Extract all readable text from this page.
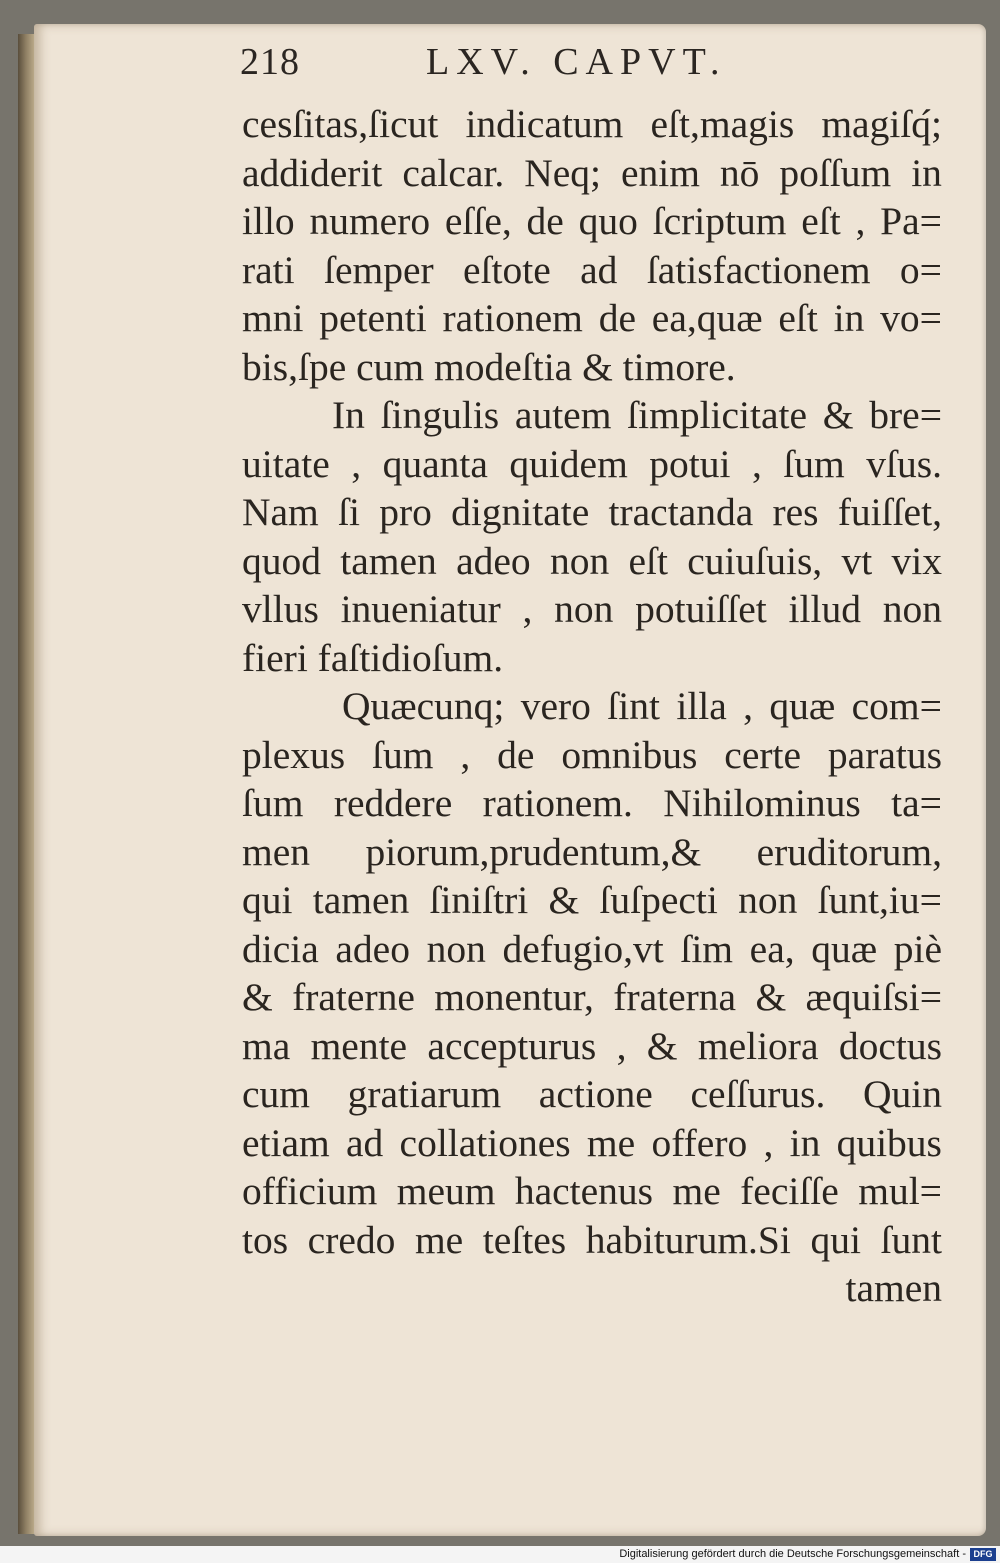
218	LXV. CAPVT.
cesſitas,ſicut indicatum eſt,magis magiſq́;
addiderit calcar. Neq; enim nō poſſum in
illo numero eſſe, de quo ſcriptum eſt , Pa=
rati ſemper eſtote ad ſatisfactionem o=
mni petenti rationem de ea,quæ eſt in vo=
bis,ſpe cum modeſtia & timore.
In ſingulis autem ſimplicitate & bre=
uitate , quanta quidem potui , ſum vſus.
Nam ſi pro dignitate tractanda res fuiſſet,
quod tamen adeo non eſt cuiuſuis, vt vix
vllus inueniatur , non potuiſſet illud non
fieri faſtidioſum.
Quæcunq; vero ſint illa , quæ com=
plexus ſum , de omnibus certe paratus
ſum reddere rationem. Nihilominus ta=
men piorum,prudentum,& eruditorum,
qui tamen ſiniſtri & ſuſpecti non ſunt,iu=
dicia adeo non defugio,vt ſim ea, quæ piè
& fraterne monentur, fraterna & æquiſsi=
ma mente accepturus , & meliora doctus
cum gratiarum actione ceſſurus. Quin
etiam ad collationes me offero , in quibus
officium meum hactenus me feciſſe mul=
tos credo me teſtes habiturum.Si qui ſunt
tamen
Digitalisierung gefördert durch die Deutsche Forschungsgemeinschaft - DFG
